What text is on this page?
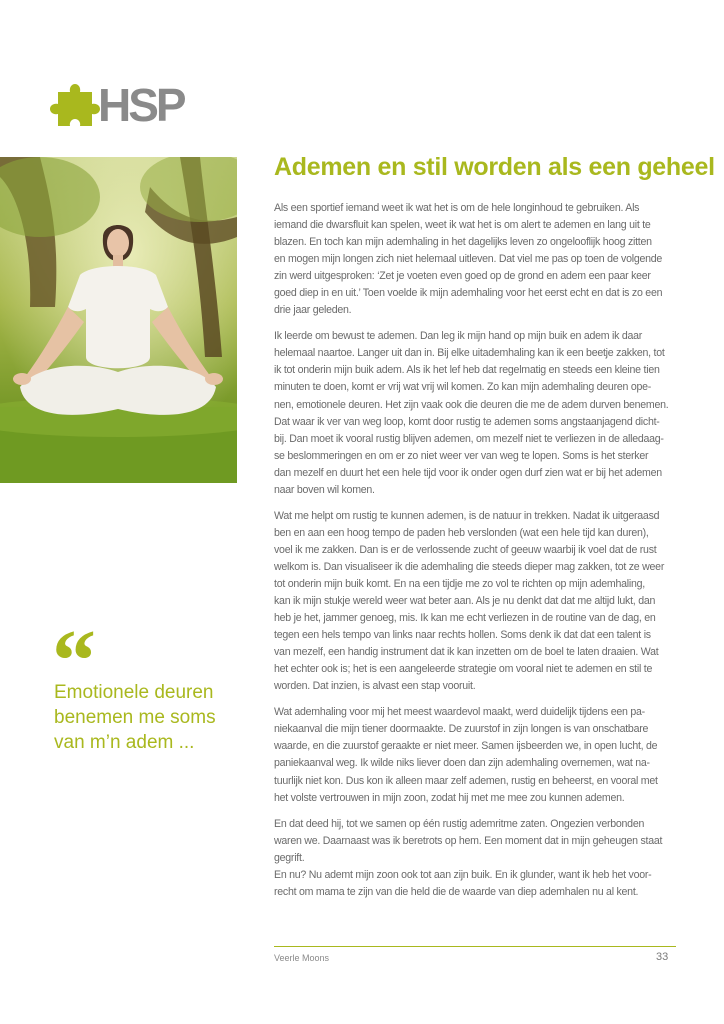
HSP
Ademen en stil worden als een geheel

Als een sportief iemand weet ik wat het is om de hele longinhoud te gebruiken. Als
iemand die dwarsfluit kan spelen, weet ik wat het is om alert te ademen en lang uit te
blazen. En toch kan mijn ademhaling in het dagelijks leven zo ongelooflijk hoog zitten
en mogen mijn longen zich niet helemaal uitleven. Dat viel me pas op toen de volgende
zin werd uitgesproken: ‘Zet je voeten even goed op de grond en adem een paar keer
goed diep in en uit.’ Toen voelde ik mijn ademhaling voor het eerst echt en dat is zo een
drie jaar geleden.

Ik leerde om bewust te ademen. Dan leg ik mijn hand op mijn buik en adem ik daar
helemaal naartoe. Langer uit dan in. Bij elke uitademhaling kan ik een beetje zakken, tot
ik tot onderin mijn buik adem. Als ik het lef heb dat regelmatig en steeds een kleine tien
minuten te doen, komt er vrij wat vrij wil komen. Zo kan mijn ademhaling deuren ope-
nen, emotionele deuren. Het zijn vaak ook die deuren die me de adem durven benemen.
Dat waar ik ver van weg loop, komt door rustig te ademen soms angstaanjagend dicht-
bij. Dan moet ik vooral rustig blijven ademen, om mezelf niet te verliezen in de alledaag-
se beslommeringen en om er zo niet weer ver van weg te lopen. Soms is het sterker
dan mezelf en duurt het een hele tijd voor ik onder ogen durf zien wat er bij het ademen
naar boven wil komen.

Wat me helpt om rustig te kunnen ademen, is de natuur in trekken. Nadat ik uitgeraasd
ben en aan een hoog tempo de paden heb verslonden (wat een hele tijd kan duren),
voel ik me zakken. Dan is er de verlossende zucht of geeuw waarbij ik voel dat de rust
welkom is. Dan visualiseer ik die ademhaling die steeds dieper mag zakken, tot ze weer
tot onderin mijn buik komt. En na een tijdje me zo vol te richten op mijn ademhaling,
kan ik mijn stukje wereld weer wat beter aan. Als je nu denkt dat dat me altijd lukt, dan
heb je het, jammer genoeg, mis. Ik kan me echt verliezen in de routine van de dag, en
tegen een hels tempo van links naar rechts hollen. Soms denk ik dat dat een talent is
van mezelf, een handig instrument dat ik kan inzetten om de boel te laten draaien. Wat
het echter ook is; het is een aangeleerde strategie om vooral niet te ademen en stil te
worden. Dat inzien, is alvast een stap vooruit.

Wat ademhaling voor mij het meest waardevol maakt, werd duidelijk tijdens een pa-
niekaanval die mijn tiener doormaakte. De zuurstof in zijn longen is van onschatbare
waarde, en die zuurstof geraakte er niet meer. Samen ijsbeerden we, in open lucht, de
paniekaanval weg. Ik wilde niks liever doen dan zijn ademhaling overnemen, wat na-
tuurlijk niet kon. Dus kon ik alleen maar zelf ademen, rustig en beheerst, en vooral met
het volste vertrouwen in mijn zoon, zodat hij met me mee zou kunnen ademen.

En dat deed hij, tot we samen op één rustig ademritme zaten. Ongezien verbonden
waren we. Daarnaast was ik beretrots op hem. Een moment dat in mijn geheugen staat
gegrift.

En nu? Nu ademt mijn zoon ook tot aan zijn buik. En ik glunder, want ik heb het voor-
recht om mama te zijn van die held die de waarde van diep ademhalen nu al kent.

“
Emotionele deuren
benemen me soms
van m’n adem ...
Veerle Moons	33
